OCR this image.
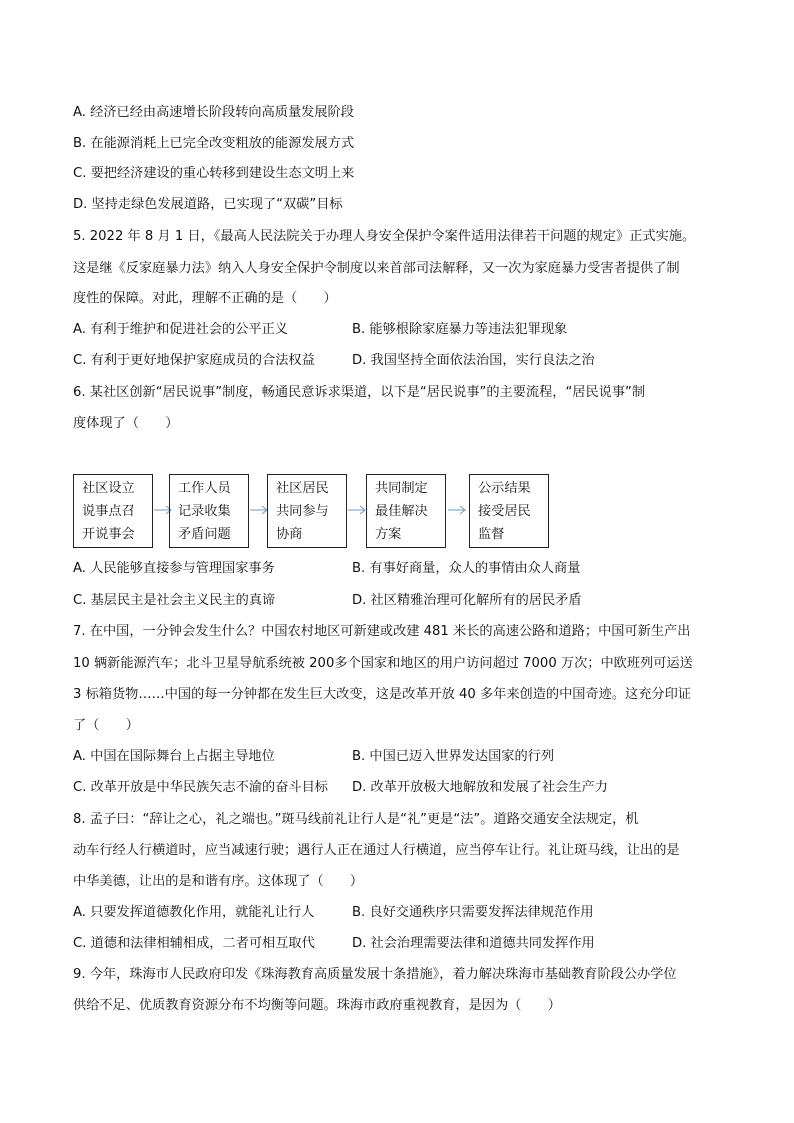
A. 经济已经由高速增长阶段转向高质量发展阶段
B. 在能源消耗上已完全改变粗放的能源发展方式
C. 要把经济建设的重心转移到建设生态文明上来
D. 坚持走绿色发展道路，已实现了“双碳”目标
5. 2022 年 8 月 1 日，《最高人民法院关于办理人身安全保护令案件适用法律若干问题的规定》正式实施。
这是继《反家庭暴力法》纳入人身安全保护令制度以来首部司法解释，又一次为家庭暴力受害者提供了制
度性的保障。对此，理解不正确的是（　　）
A. 有利于维护和促进社会的公平正义	B. 能够根除家庭暴力等违法犯罪现象
C. 有利于更好地保护家庭成员的合法权益	D. 我国坚持全面依法治国，实行良法之治
6. 某社区创新“居民说事”制度，畅通民意诉求渠道，以下是“居民说事”的主要流程，“居民说事”制
度体现了（　　）
社区设立
说事点召
开说事会
工作人员
记录收集
矛盾问题
社区居民
共同参与
协商
共同制定
最佳解决
方案
公示结果
接受居民
监督
A. 人民能够直接参与管理国家事务	B. 有事好商量，众人的事情由众人商量
C. 基层民主是社会主义民主的真谛	D. 社区精雅治理可化解所有的居民矛盾
7. 在中国，一分钟会发生什么？中国农村地区可新建或改建 481 米长的高速公路和道路；中国可新生产出
10 辆新能源汽车；北斗卫星导航系统被 200多个国家和地区的用户访问超过 7000 万次；中欧班列可运送
3 标箱货物……中国的每一分钟都在发生巨大改变，这是改革开放 40 多年来创造的中国奇迹。这充分印证
了（　　）
A. 中国在国际舞台上占据主导地位	B. 中国已迈入世界发达国家的行列
C. 改革开放是中华民族矢志不渝的奋斗目标 D. 改革开放极大地解放和发展了社会生产力
8. 孟子曰：“辞让之心，礼之端也。”斑马线前礼让行人是“礼”更是“法”。道路交通安全法规定，机
动车行经人行横道时，应当减速行驶；遇行人正在通过人行横道，应当停车让行。礼让斑马线，让出的是
中华美德，让出的是和谐有序。这体现了（　　）
A. 只要发挥道德教化作用，就能礼让行人	B. 良好交通秩序只需要发挥法律规范作用
C. 道德和法律相辅相成，二者可相互取代	D. 社会治理需要法律和道德共同发挥作用
9. 今年，珠海市人民政府印发《珠海教育高质量发展十条措施》，着力解决珠海市基础教育阶段公办学位
供给不足、优质教育资源分布不均衡等问题。珠海市政府重视教育，是因为（　　）
